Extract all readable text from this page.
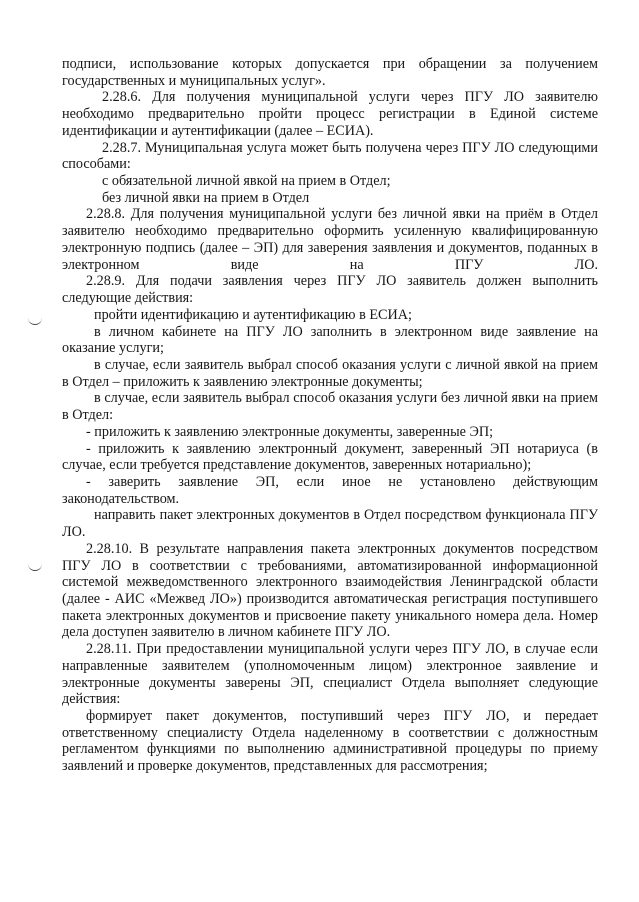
подписи, использование которых допускается при обращении за получением государственных и муниципальных услуг».

2.28.6. Для получения муниципальной услуги через ПГУ ЛО заявителю необходимо предварительно пройти процесс регистрации в Единой системе идентификации и аутентификации (далее – ЕСИА).

2.28.7. Муниципальная услуга может быть получена через ПГУ ЛО следующими способами:

с обязательной личной явкой на прием в Отдел;

без личной явки на прием в Отдел

2.28.8. Для получения муниципальной услуги без личной явки на приём в Отдел заявителю необходимо предварительно оформить усиленную квалифицированную электронную подпись (далее – ЭП) для заверения заявления и документов, поданных в электронном виде на ПГУ ЛО.

2.28.9. Для подачи заявления через ПГУ ЛО заявитель должен выполнить следующие действия:

пройти идентификацию и аутентификацию в ЕСИА;

в личном кабинете на ПГУ ЛО заполнить в электронном виде заявление на оказание услуги;

в случае, если заявитель выбрал способ оказания услуги с личной явкой на прием в Отдел – приложить к заявлению электронные документы;

в случае, если заявитель выбрал способ оказания услуги без личной явки на прием в Отдел:

- приложить к заявлению электронные документы, заверенные ЭП;

- приложить к заявлению электронный документ, заверенный ЭП нотариуса (в случае, если требуется представление документов, заверенных нотариально);

- заверить заявление ЭП, если иное не установлено действующим законодательством.

направить пакет электронных документов в Отдел посредством функционала ПГУ ЛО.

2.28.10. В результате направления пакета электронных документов посредством ПГУ ЛО в соответствии с требованиями, автоматизированной информационной системой межведомственного электронного взаимодействия Ленинградской области (далее - АИС «Межвед ЛО») производится автоматическая регистрация поступившего пакета электронных документов и присвоение пакету уникального номера дела. Номер дела доступен заявителю в личном кабинете ПГУ ЛО.

2.28.11. При предоставлении муниципальной услуги через ПГУ ЛО, в случае если направленные заявителем (уполномоченным лицом) электронное заявление и электронные документы заверены ЭП, специалист Отдела выполняет следующие действия:

формирует пакет документов, поступивший через ПГУ ЛО, и передает ответственному специалисту Отдела наделенному в соответствии с должностным регламентом функциями по выполнению административной процедуры по приему заявлений и проверке документов, представленных для рассмотрения;
